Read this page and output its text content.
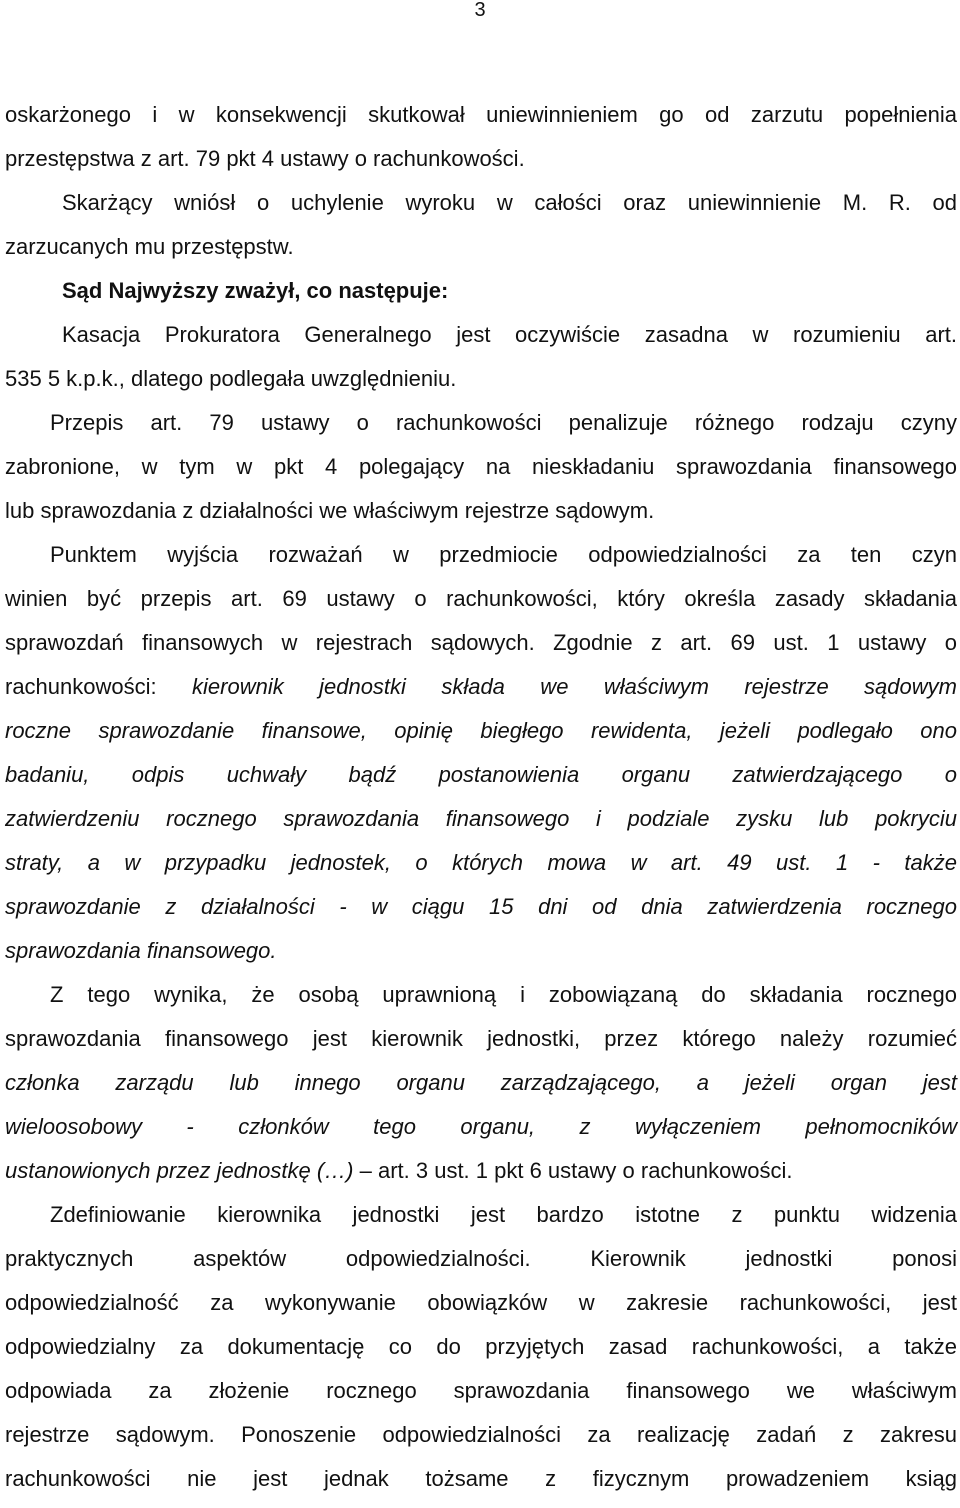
3
oskarżonego i w konsekwencji skutkował uniewinnieniem go od zarzutu popełnienia
przestępstwa z art. 79 pkt 4 ustawy o rachunkowości.
Skarżący wniósł o uchylenie wyroku w całości oraz uniewinnienie M. R. od
zarzucanych mu przestępstw.
Sąd Najwyższy zważył, co następuje:
Kasacja Prokuratora Generalnego jest oczywiście zasadna w rozumieniu art.
535 5 k.p.k., dlatego podlegała uwzględnieniu.
Przepis art. 79 ustawy o rachunkowości penalizuje różnego rodzaju czyny
zabronione, w tym w pkt 4 polegający na nieskładaniu sprawozdania finansowego
lub sprawozdania z działalności we właściwym rejestrze sądowym.
Punktem wyjścia rozważań w przedmiocie odpowiedzialności za ten czyn
winien być przepis art. 69 ustawy o rachunkowości, który określa zasady składania
sprawozdań finansowych w rejestrach sądowych. Zgodnie z art. 69 ust. 1 ustawy o
rachunkowości: kierownik jednostki składa we właściwym rejestrze sądowym
roczne sprawozdanie finansowe, opinię biegłego rewidenta, jeżeli podlegało ono
badaniu, odpis uchwały bądź postanowienia organu zatwierdzającego o
zatwierdzeniu rocznego sprawozdania finansowego i podziale zysku lub pokryciu
straty, a w przypadku jednostek, o których mowa w art. 49 ust. 1 - także
sprawozdanie z działalności - w ciągu 15 dni od dnia zatwierdzenia rocznego
sprawozdania finansowego.
Z tego wynika, że osobą uprawnioną i zobowiązaną do składania rocznego
sprawozdania finansowego jest kierownik jednostki, przez którego należy rozumieć
członka zarządu lub innego organu zarządzającego, a jeżeli organ jest
wieloosobowy - członków tego organu, z wyłączeniem pełnomocników
ustanowionych przez jednostkę (…) – art. 3 ust. 1 pkt 6 ustawy o rachunkowości.
Zdefiniowanie kierownika jednostki jest bardzo istotne z punktu widzenia
praktycznych aspektów odpowiedzialności. Kierownik jednostki ponosi
odpowiedzialność za wykonywanie obowiązków w zakresie rachunkowości, jest
odpowiedzialny za dokumentację co do przyjętych zasad rachunkowości, a także
odpowiada za złożenie rocznego sprawozdania finansowego we właściwym
rejestrze sądowym. Ponoszenie odpowiedzialności za realizację zadań z zakresu
rachunkowości nie jest jednak tożsame z fizycznym prowadzeniem ksiąg
